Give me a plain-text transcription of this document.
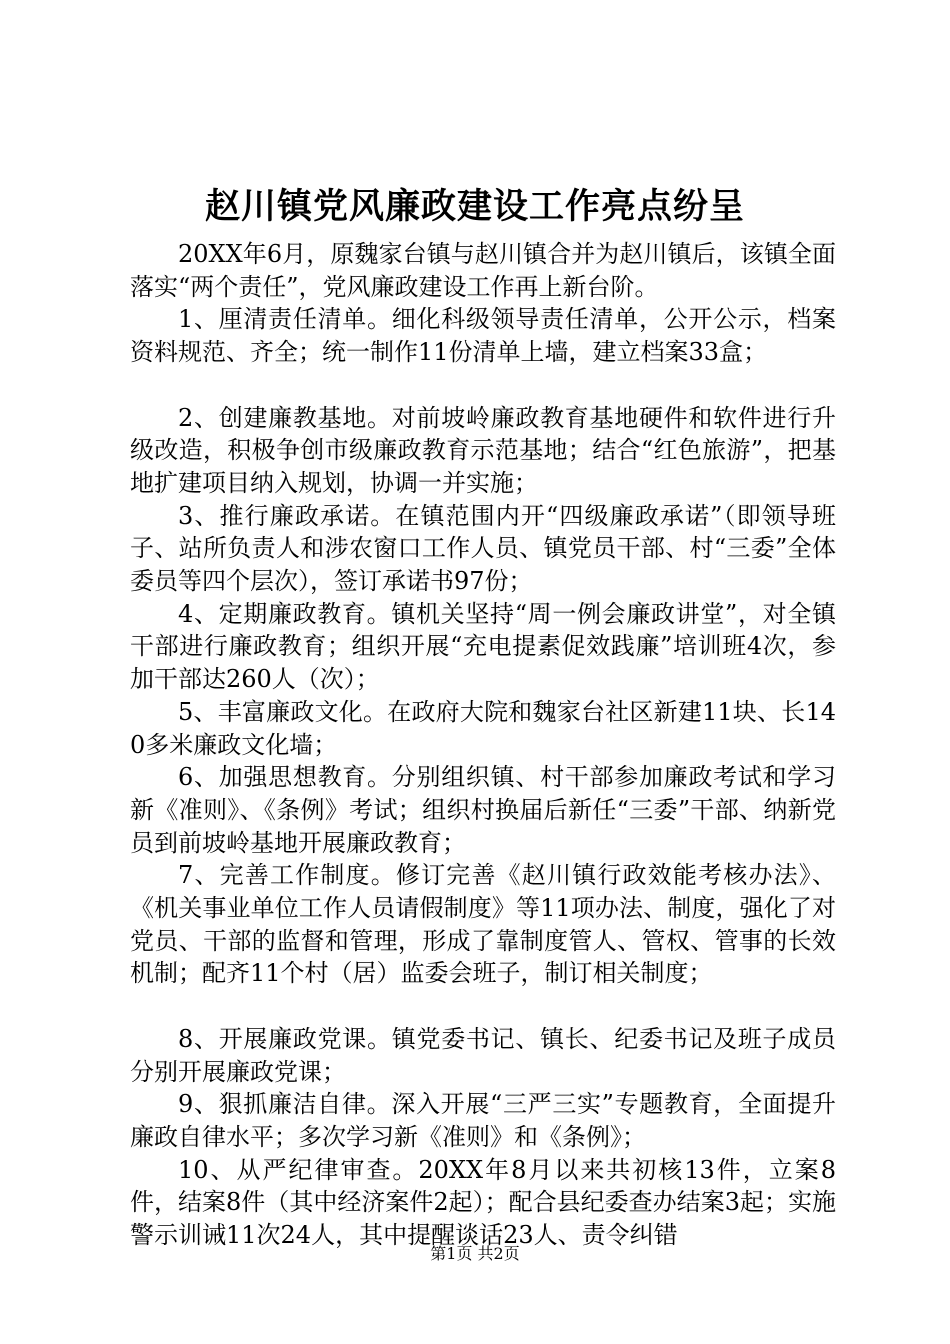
赵川镇党风廉政建设工作亮点纷呈

20XX年6月，原魏家台镇与赵川镇合并为赵川镇后，该镇全面落实“两个责任”，党风廉政建设工作再上新台阶。

1、厘清责任清单。细化科级领导责任清单，公开公示，档案资料规范、齐全；统一制作11份清单上墙，建立档案33盒；

2、创建廉教基地。对前坡岭廉政教育基地硬件和软件进行升级改造，积极争创市级廉政教育示范基地；结合“红色旅游”，把基地扩建项目纳入规划，协调一并实施；

3、推行廉政承诺。在镇范围内开“四级廉政承诺”（即领导班子、站所负责人和涉农窗口工作人员、镇党员干部、村“三委”全体委员等四个层次），签订承诺书97份；

4、定期廉政教育。镇机关坚持“周一例会廉政讲堂”，对全镇干部进行廉政教育；组织开展“充电提素促效践廉”培训班4次，参加干部达260人（次）；

5、丰富廉政文化。在政府大院和魏家台社区新建11块、长140多米廉政文化墙；

6、加强思想教育。分别组织镇、村干部参加廉政考试和学习新《准则》、《条例》考试；组织村换届后新任“三委”干部、纳新党员到前坡岭基地开展廉政教育；

7、完善工作制度。修订完善《赵川镇行政效能考核办法》、《机关事业单位工作人员请假制度》等11项办法、制度，强化了对党员、干部的监督和管理，形成了靠制度管人、管权、管事的长效机制；配齐11个村（居）监委会班子，制订相关制度；

8、开展廉政党课。镇党委书记、镇长、纪委书记及班子成员分别开展廉政党课；

9、狠抓廉洁自律。深入开展“三严三实”专题教育，全面提升廉政自律水平；多次学习新《准则》和《条例》；

10、从严纪律审查。20XX年8月以来共初核13件，立案8件，结案8件（其中经济案件2起）；配合县纪委查办结案3起；实施警示训诫11次24人，其中提醒谈话23人、责令纠错

第1页 共2页
